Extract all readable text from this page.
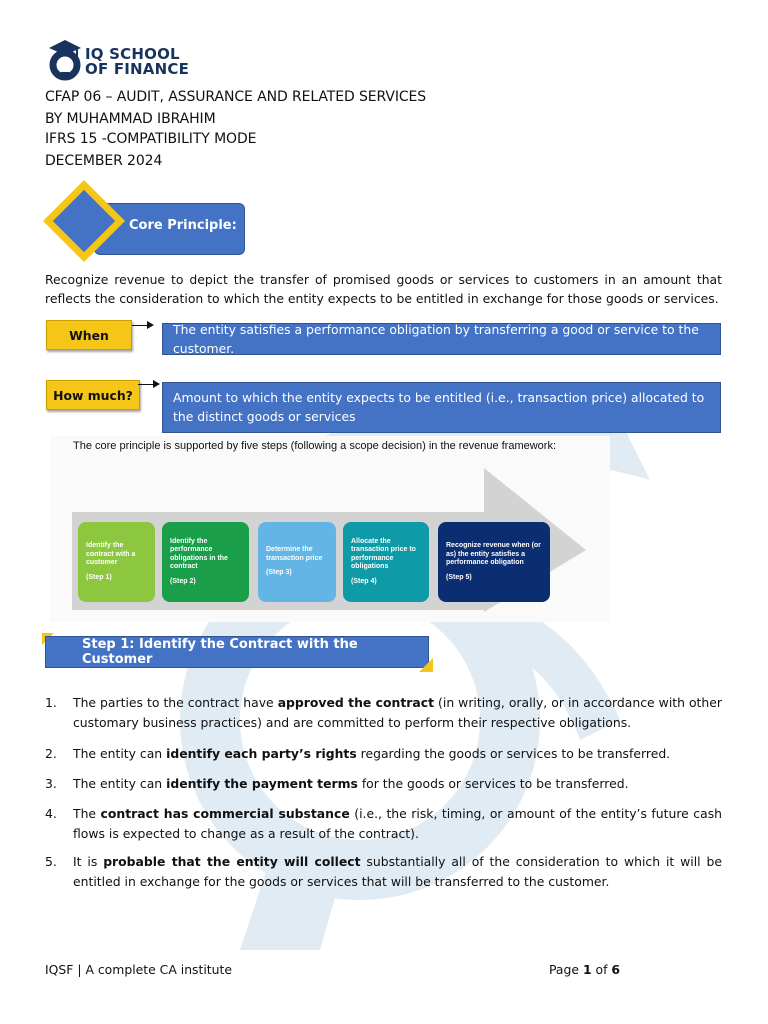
IQ SCHOOL
OF FINANCE
CFAP 06 – AUDIT, ASSURANCE AND RELATED SERVICES
BY MUHAMMAD IBRAHIM
IFRS 15 -COMPATIBILITY MODE
DECEMBER 2024
Core Principle:
Recognize revenue to depict the transfer of promised goods or services to customers in an amount that reflects the consideration to which the entity expects to be entitled in exchange for those goods or services.
When	The entity satisfies a performance obligation by transferring a good or service to the customer.
How much?	Amount to which the entity expects to be entitled (i.e., transaction price) allocated to the distinct goods or services
The core principle is supported by five steps (following a scope decision) in the revenue framework:
Identify the contract with a customer
(Step 1)
Identify the performance obligations in the contract
(Step 2)
Determine the transaction price
(Step 3)
Allocate the transaction price to performance obligations
(Step 4)
Recognize revenue when (or as) the entity satisfies a performance obligation
(Step 5)
Step 1: Identify the Contract with the Customer
1. The parties to the contract have approved the contract (in writing, orally, or in accordance with other customary business practices) and are committed to perform their respective obligations.
2. The entity can identify each party’s rights regarding the goods or services to be transferred.
3. The entity can identify the payment terms for the goods or services to be transferred.
4. The contract has commercial substance (i.e., the risk, timing, or amount of the entity’s future cash flows is expected to change as a result of the contract).
5. It is probable that the entity will collect substantially all of the consideration to which it will be entitled in exchange for the goods or services that will be transferred to the customer.
IQSF | A complete CA institute	Page 1 of 6
